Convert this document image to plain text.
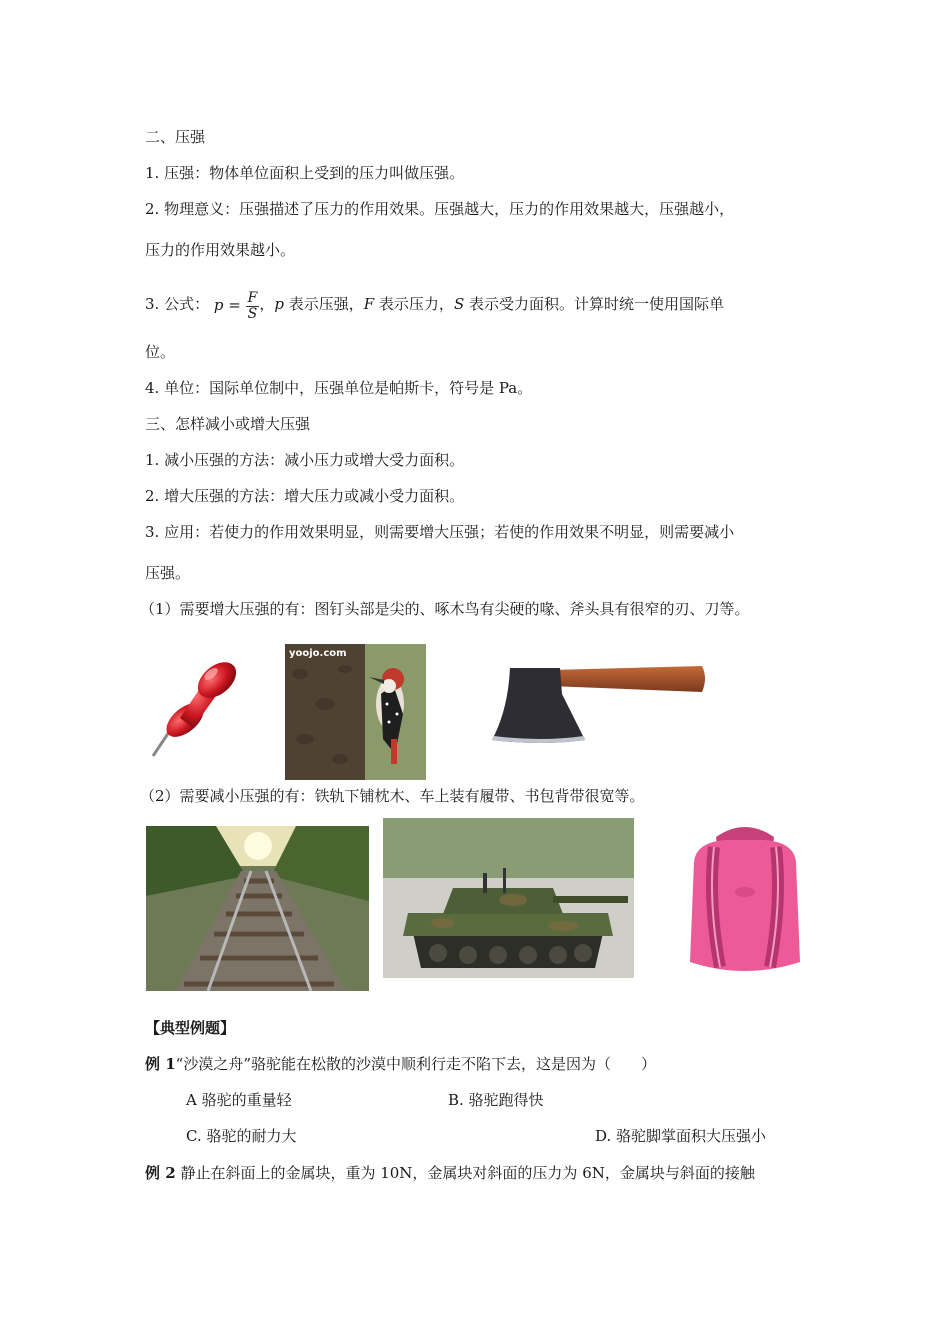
二、压强
1. 压强：物体单位面积上受到的压力叫做压强。
2. 物理意义：压强描述了压力的作用效果。压强越大，压力的作用效果越大，压强越小，
压力的作用效果越小。
3. 公式： $p = \frac{F}{S}$ ，p 表示压强，F 表示压力，S 表示受力面积。计算时统一使用国际单
位。
4. 单位：国际单位制中，压强单位是帕斯卡，符号是 Pa。
三、怎样减小或增大压强
1. 减小压强的方法：减小压力或增大受力面积。
2. 增大压强的方法：增大压力或减小受力面积。
3. 应用：若使力的作用效果明显，则需要增大压强；若使的作用效果不明显，则需要减小
压强。
（1）需要增大压强的有：图钉头部是尖的、啄木鸟有尖硬的喙、斧头具有很窄的刃、刀等。
yoojo.com
（2）需要减小压强的有：铁轨下铺枕木、车上装有履带、书包背带很宽等。
【典型例题】
例 1“沙漠之舟”骆驼能在松散的沙漠中顺利行走不陷下去，这是因为（　　）
A 骆驼的重量轻	B. 骆驼跑得快
C. 骆驼的耐力大	D. 骆驼脚掌面积大压强小
例 2 静止在斜面上的金属块，重为 10N，金属块对斜面的压力为 6N，金属块与斜面的接触
